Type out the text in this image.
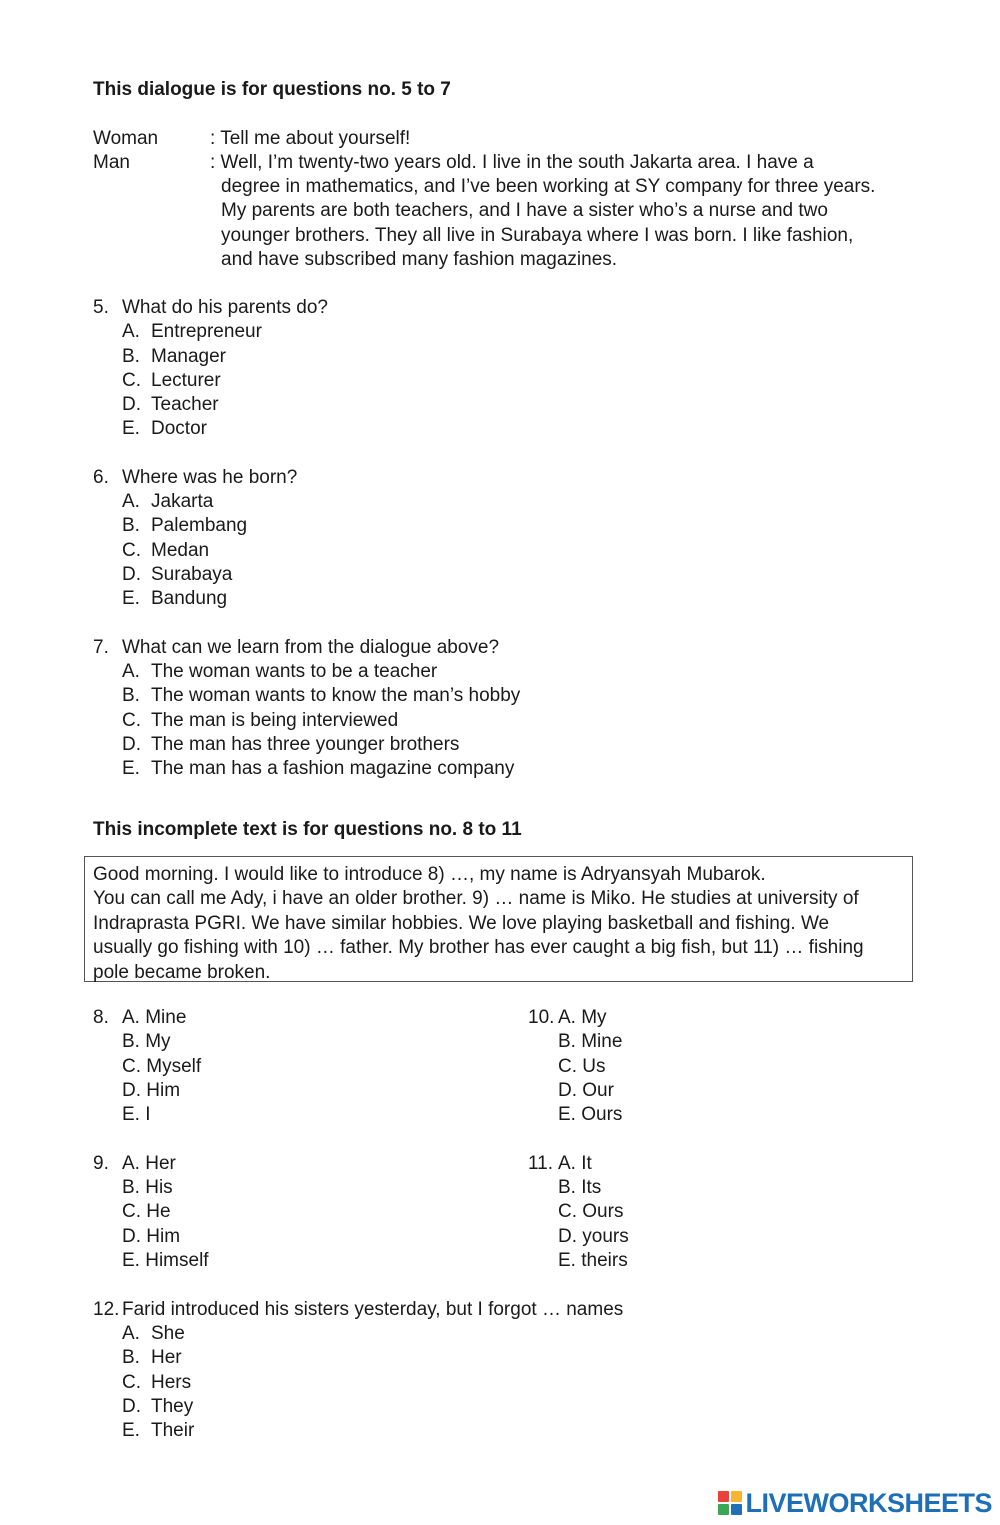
This dialogue is for questions no. 5 to 7
Woman	: Tell me about yourself!
Man	: Well, I’m twenty-two years old. I live in the south Jakarta area. I have a
degree in mathematics, and I’ve been working at SY company for three years.
My parents are both teachers, and I have a sister who’s a nurse and two
younger brothers. They all live in Surabaya where I was born. I like fashion,
and have subscribed many fashion magazines.
5. What do his parents do?
A. Entrepreneur
B. Manager
C. Lecturer
D. Teacher
E. Doctor
6. Where was he born?
A. Jakarta
B. Palembang
C. Medan
D. Surabaya
E. Bandung
7. What can we learn from the dialogue above?
A. The woman wants to be a teacher
B. The woman wants to know the man’s hobby
C. The man is being interviewed
D. The man has three younger brothers
E. The man has a fashion magazine company
This incomplete text is for questions no. 8 to 11
Good morning. I would like to introduce 8) …, my name is Adryansyah Mubarok.
You can call me Ady, i have an older brother. 9) … name is Miko. He studies at university of
Indraprasta PGRI. We have similar hobbies. We love playing basketball and fishing. We
usually go fishing with 10) … father. My brother has ever caught a big fish, but 11) … fishing
pole became broken.
8. A. Mine
B. My
C. Myself
D. Him
E. I
10. A. My
B. Mine
C. Us
D. Our
E. Ours
9. A. Her
B. His
C. He
D. Him
E. Himself
11. A. It
B. Its
C. Ours
D. yours
E. theirs
12. Farid introduced his sisters yesterday, but I forgot … names
A. She
B. Her
C. Hers
D. They
E. Their
LIVEWORKSHEETS
